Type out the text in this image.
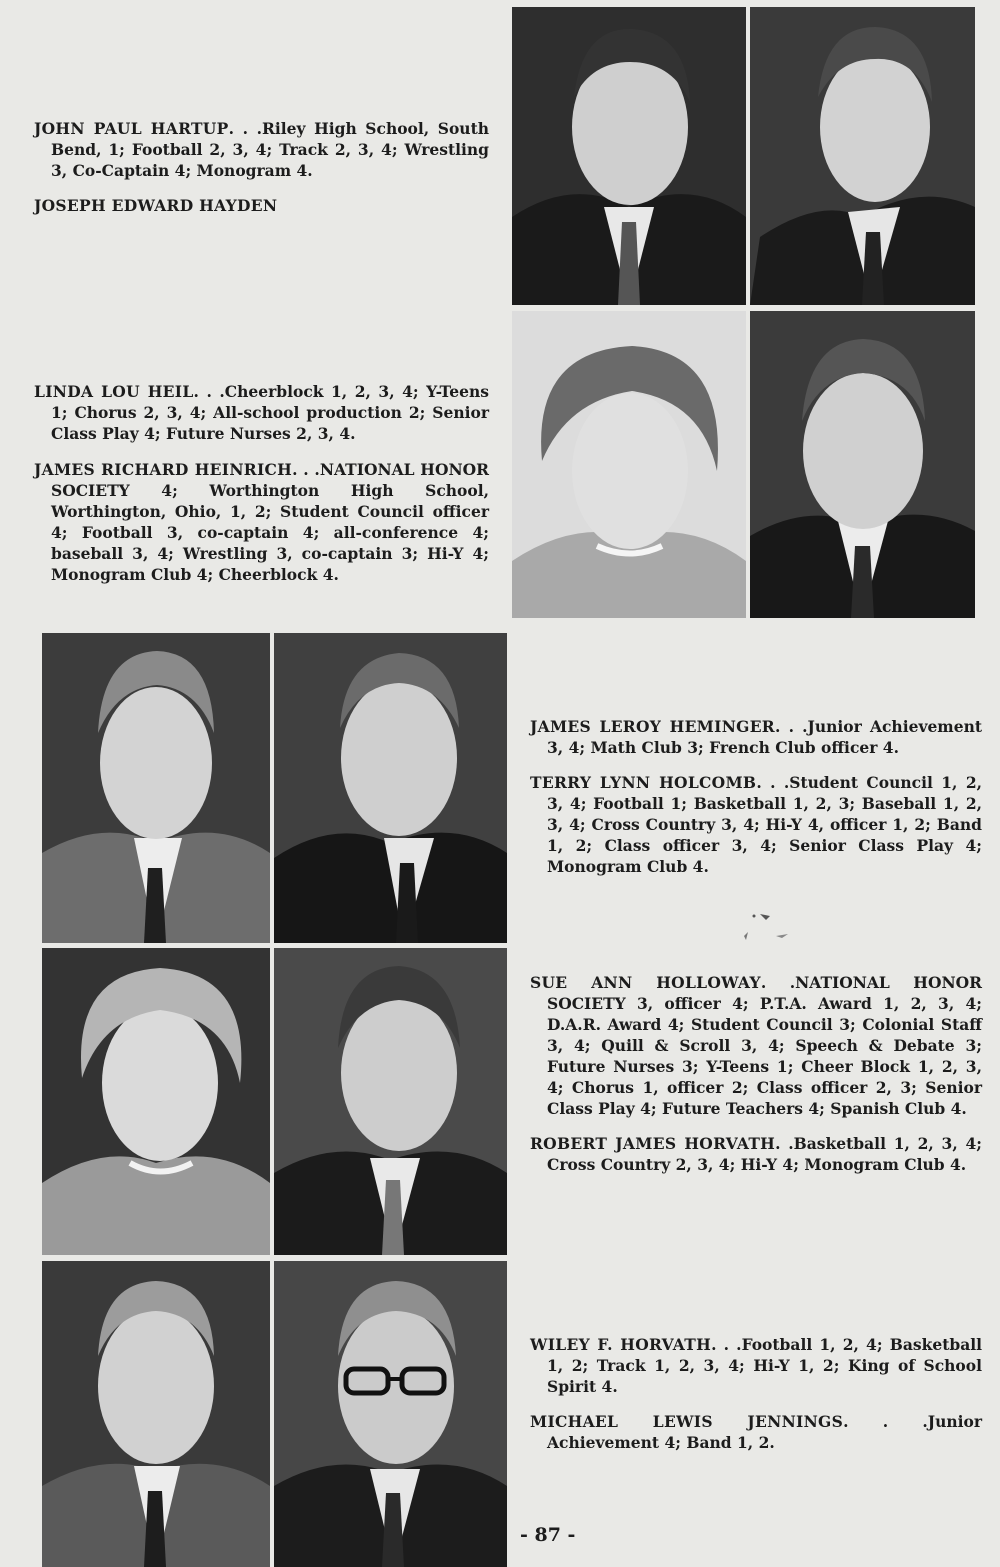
JOHN PAUL HARTUP. . .Riley High School, South Bend, 1; Football 2, 3, 4; Track 2, 3, 4; Wrestling 3, Co-Captain 4; Monogram 4.

JOSEPH EDWARD HAYDEN

LINDA LOU HEIL. . .Cheerblock 1, 2, 3, 4; Y-Teens 1; Chorus 2, 3, 4; All-school production 2; Senior Class Play 4; Future Nurses 2, 3, 4.

JAMES RICHARD HEINRICH. . .NATIONAL HONOR SOCIETY 4; Worthington High School, Worthington, Ohio, 1, 2; Student Council officer 4; Football 3, co-captain 4; all-conference 4; baseball 3, 4; Wrestling 3, co-captain 3; Hi-Y 4; Monogram Club 4; Cheerblock 4.

JAMES LEROY HEMINGER. . .Junior Achievement 3, 4; Math Club 3; French Club officer 4.

TERRY LYNN HOLCOMB. . .Student Council 1, 2, 3, 4; Football 1; Basketball 1, 2, 3; Baseball 1, 2, 3, 4; Cross Country 3, 4; Hi-Y 4, officer 1, 2; Band 1, 2; Class officer 3, 4; Senior Class Play 4; Monogram Club 4.

SUE ANN HOLLOWAY. .NATIONAL HONOR SOCIETY 3, officer 4; P.T.A. Award 1, 2, 3, 4; D.A.R. Award 4; Student Council 3; Colonial Staff 3, 4; Quill & Scroll 3, 4; Speech & Debate 3; Future Nurses 3; Y-Teens 1; Cheer Block 1, 2, 3, 4; Chorus 1, officer 2; Class officer 2, 3; Senior Class Play 4; Future Teachers 4; Spanish Club 4.

ROBERT JAMES HORVATH. .Basketball 1, 2, 3, 4; Cross Country 2, 3, 4; Hi-Y 4; Monogram Club 4.

WILEY F. HORVATH. . .Football 1, 2, 4; Basketball 1, 2; Track 1, 2, 3, 4; Hi-Y 1, 2; King of School Spirit 4.

MICHAEL LEWIS JENNINGS. . .Junior Achievement 4; Band 1, 2.

- 87 -
